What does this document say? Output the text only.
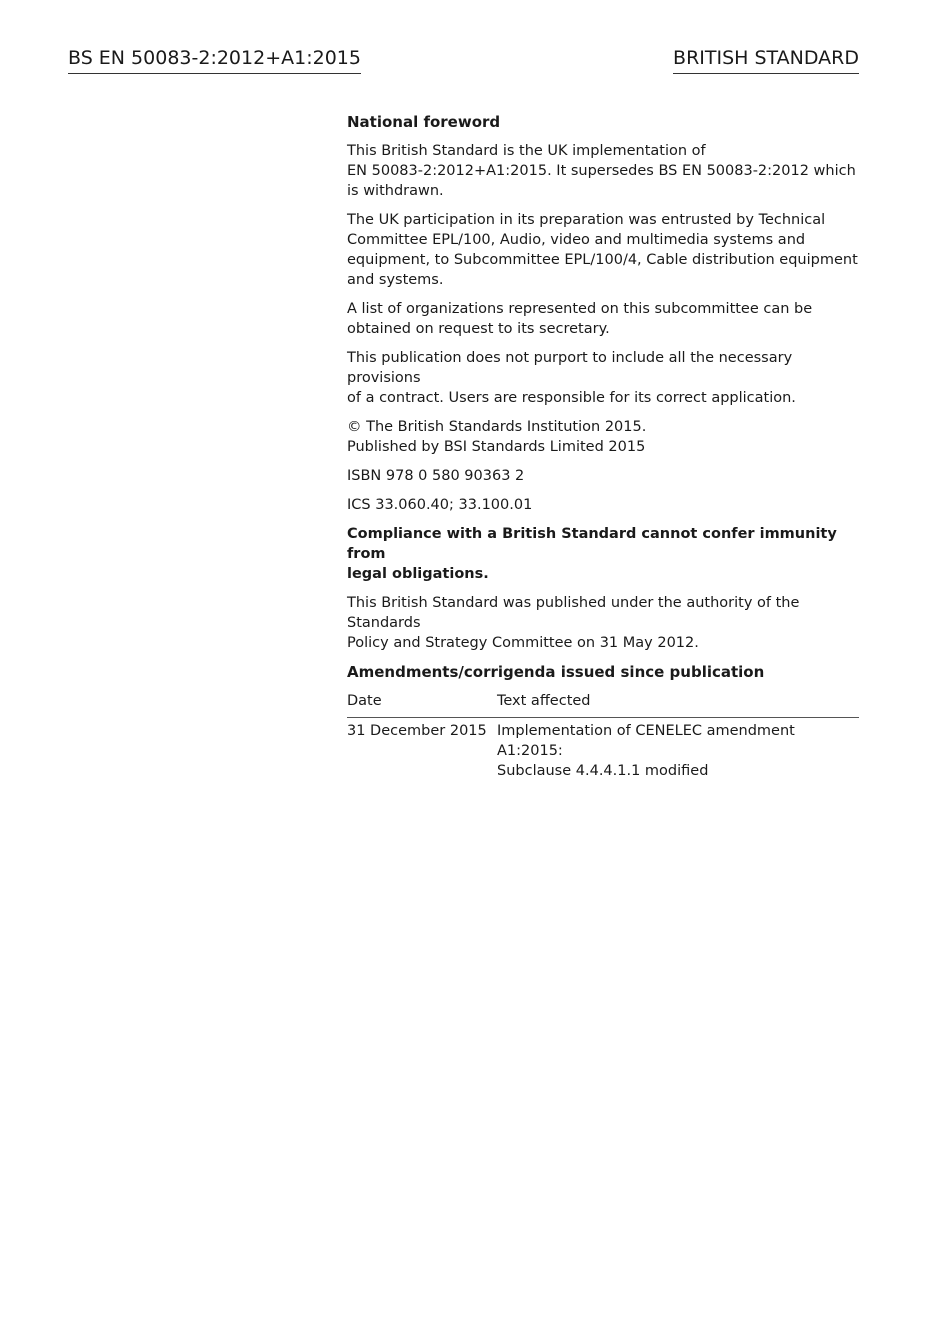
BS EN 50083-2:2012+A1:2015	BRITISH STANDARD
National foreword

This British Standard is the UK implementation of
EN 50083-2:2012+A1:2015. It supersedes BS EN 50083-2:2012 which
is withdrawn.

The UK participation in its preparation was entrusted by Technical
Committee EPL/100, Audio, video and multimedia systems and
equipment, to Subcommittee EPL/100/4, Cable distribution equipment
and systems.

A list of organizations represented on this subcommittee can be
obtained on request to its secretary.

This publication does not purport to include all the necessary provisions
of a contract. Users are responsible for its correct application.

© The British Standards Institution 2015.
Published by BSI Standards Limited 2015

ISBN 978 0 580 90363 2

ICS 33.060.40; 33.100.01

Compliance with a British Standard cannot confer immunity from
legal obligations.

This British Standard was published under the authority of the Standards
Policy and Strategy Committee on 31 May 2012.

Amendments/corrigenda issued since publication
Date	Text affected
31 December 2015	Implementation of CENELEC amendment A1:2015:
Subclause 4.4.4.1.1 modified
